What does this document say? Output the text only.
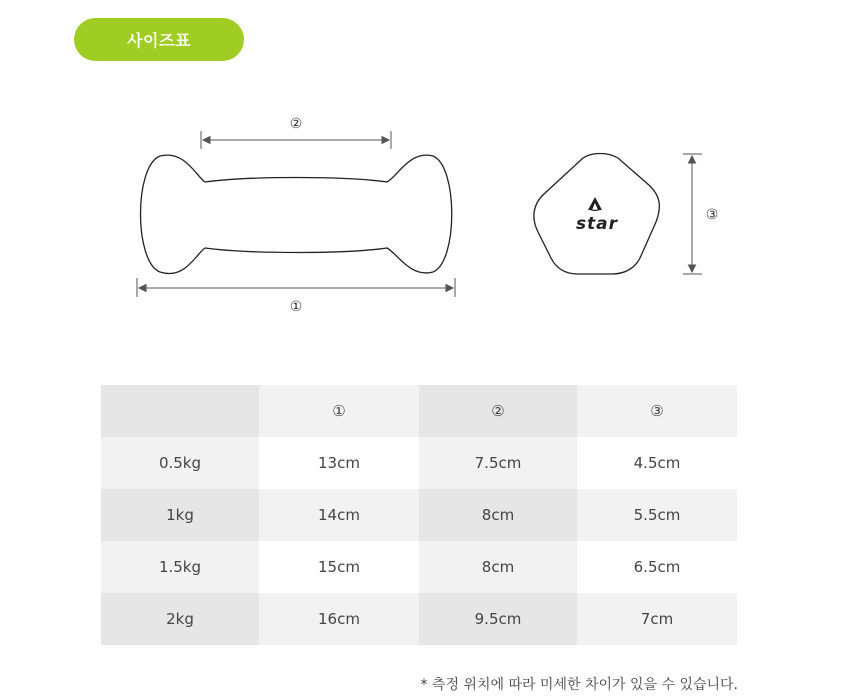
사이즈표
②
①
star	③
	①	②	③
0.5kg	13cm	7.5cm	4.5cm
1kg	14cm	8cm	5.5cm
1.5kg	15cm	8cm	6.5cm
2kg	16cm	9.5cm	7cm
* 측정 위치에 따라 미세한 차이가 있을 수 있습니다.
